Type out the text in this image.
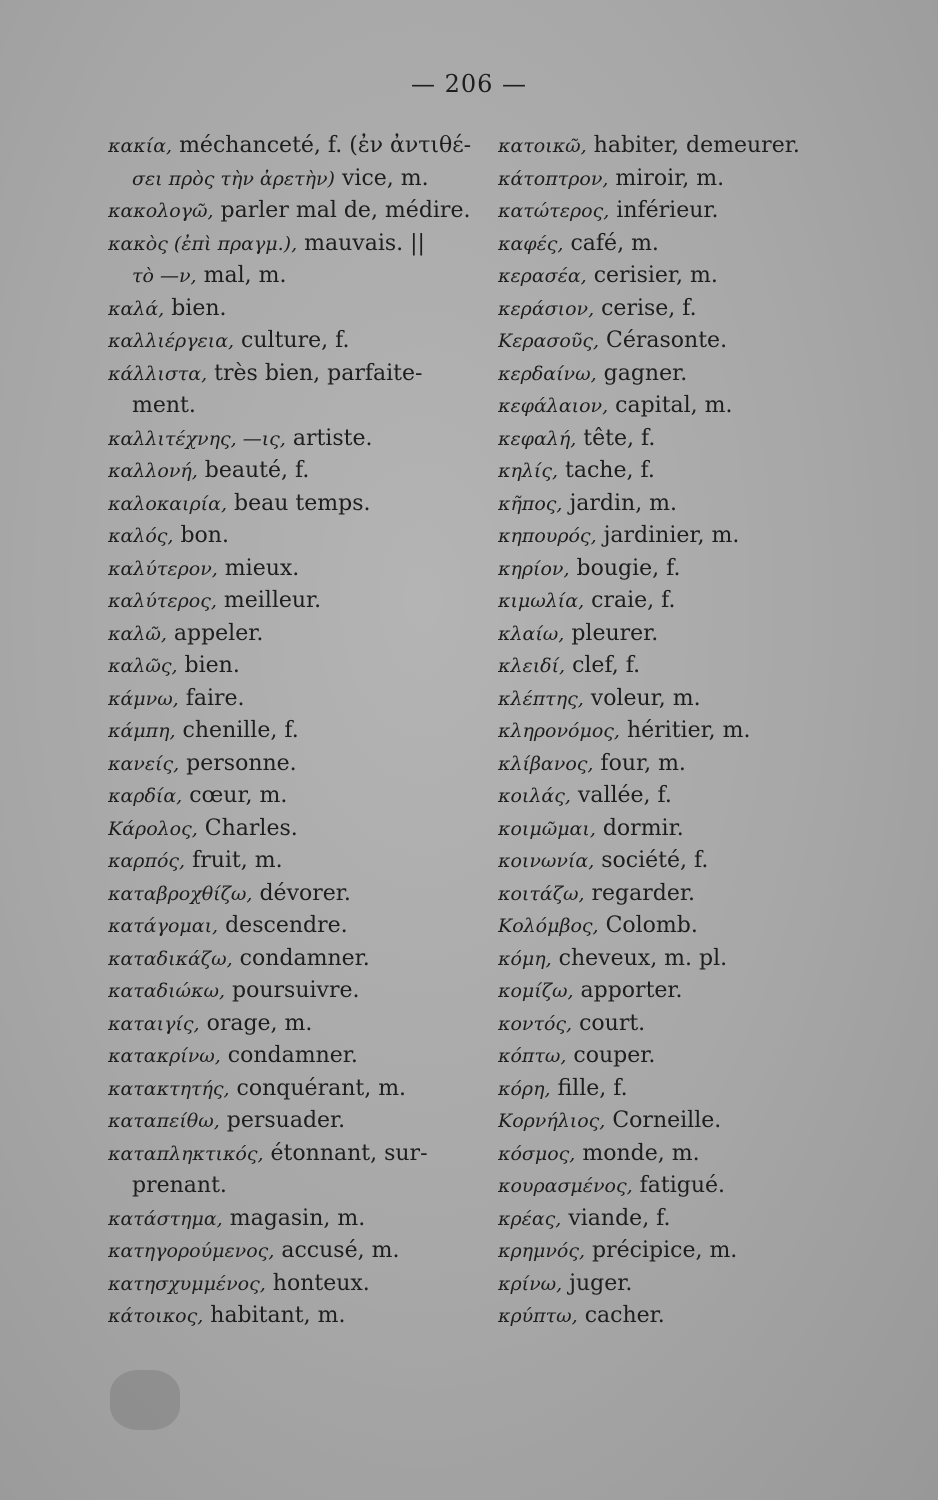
— 206 —
κακία, méchanceté, f. (ἐν ἀντιθέ-
σει πρὸς τὴν ἀρετὴν) vice, m.
κακολογῶ, parler mal de, médire.
κακὸς (ἐπὶ πραγμ.), mauvais. ||
τὸ —ν, mal, m.
καλά, bien.
καλλιέργεια, culture, f.
κάλλιστα, très bien, parfaite-
ment.
καλλιτέχνης, —ις, artiste.
καλλονή, beauté, f.
καλοκαιρία, beau temps.
καλός, bon.
καλύτερον, mieux.
καλύτερος, meilleur.
καλῶ, appeler.
καλῶς, bien.
κάμνω, faire.
κάμπη, chenille, f.
κανείς, personne.
καρδία, cœur, m.
Κάρολος, Charles.
καρπός, fruit, m.
καταβροχθίζω, dévorer.
κατάγομαι, descendre.
καταδικάζω, condamner.
καταδιώκω, poursuivre.
καταιγίς, orage, m.
κατακρίνω, condamner.
κατακτητής, conquérant, m.
καταπείθω, persuader.
καταπληκτικός, étonnant, sur-
prenant.
κατάστημα, magasin, m.
κατηγορούμενος, accusé, m.
κατησχυμμένος, honteux.
κάτοικος, habitant, m.
κατοικῶ, habiter, demeurer.
κάτοπτρον, miroir, m.
κατώτερος, inférieur.
καφές, café, m.
κερασέα, cerisier, m.
κεράσιον, cerise, f.
Κερασοῦς, Cérasonte.
κερδαίνω, gagner.
κεφάλαιον, capital, m.
κεφαλή, tête, f.
κηλίς, tache, f.
κῆπος, jardin, m.
κηπουρός, jardinier, m.
κηρίον, bougie, f.
κιμωλία, craie, f.
κλαίω, pleurer.
κλειδί, clef, f.
κλέπτης, voleur, m.
κληρονόμος, héritier, m.
κλίβανος, four, m.
κοιλάς, vallée, f.
κοιμῶμαι, dormir.
κοινωνία, société, f.
κοιτάζω, regarder.
Κολόμβος, Colomb.
κόμη, cheveux, m. pl.
κομίζω, apporter.
κοντός, court.
κόπτω, couper.
κόρη, fille, f.
Κορνήλιος, Corneille.
κόσμος, monde, m.
κουρασμένος, fatigué.
κρέας, viande, f.
κρημνός, précipice, m.
κρίνω, juger.
κρύπτω, cacher.
